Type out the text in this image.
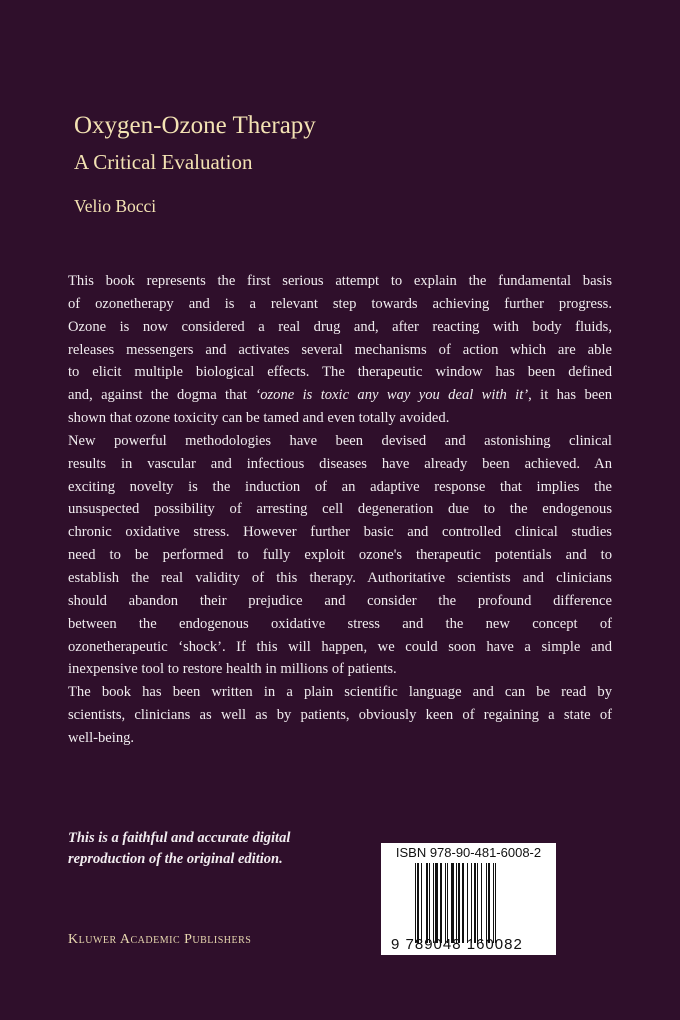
Oxygen-Ozone Therapy
A Critical Evaluation
Velio Bocci
This book represents the first serious attempt to explain the fundamental basis
of ozonetherapy and is a relevant step towards achieving further progress.
Ozone is now considered a real drug and, after reacting with body fluids,
releases messengers and activates several mechanisms of action which are able
to elicit multiple biological effects. The therapeutic window has been defined
and, against the dogma that ‘ozone is toxic any way you deal with it’, it has been
shown that ozone toxicity can be tamed and even totally avoided.
New powerful methodologies have been devised and astonishing clinical
results in vascular and infectious diseases have already been achieved. An
exciting novelty is the induction of an adaptive response that implies the
unsuspected possibility of arresting cell degeneration due to the endogenous
chronic oxidative stress. However further basic and controlled clinical studies
need to be performed to fully exploit ozone's therapeutic potentials and to
establish the real validity of this therapy. Authoritative scientists and clinicians
should abandon their prejudice and consider the profound difference
between the endogenous oxidative stress and the new concept of
ozonetherapeutic ‘shock’. If this will happen, we could soon have a simple and
inexpensive tool to restore health in millions of patients.
The book has been written in a plain scientific language and can be read by
scientists, clinicians as well as by patients, obviously keen of regaining a state of
well-being.
This is a faithful and accurate digital
reproduction of the original edition.
Kluwer Academic Publishers
ISBN 978-90-481-6008-2
9 789048 160082
